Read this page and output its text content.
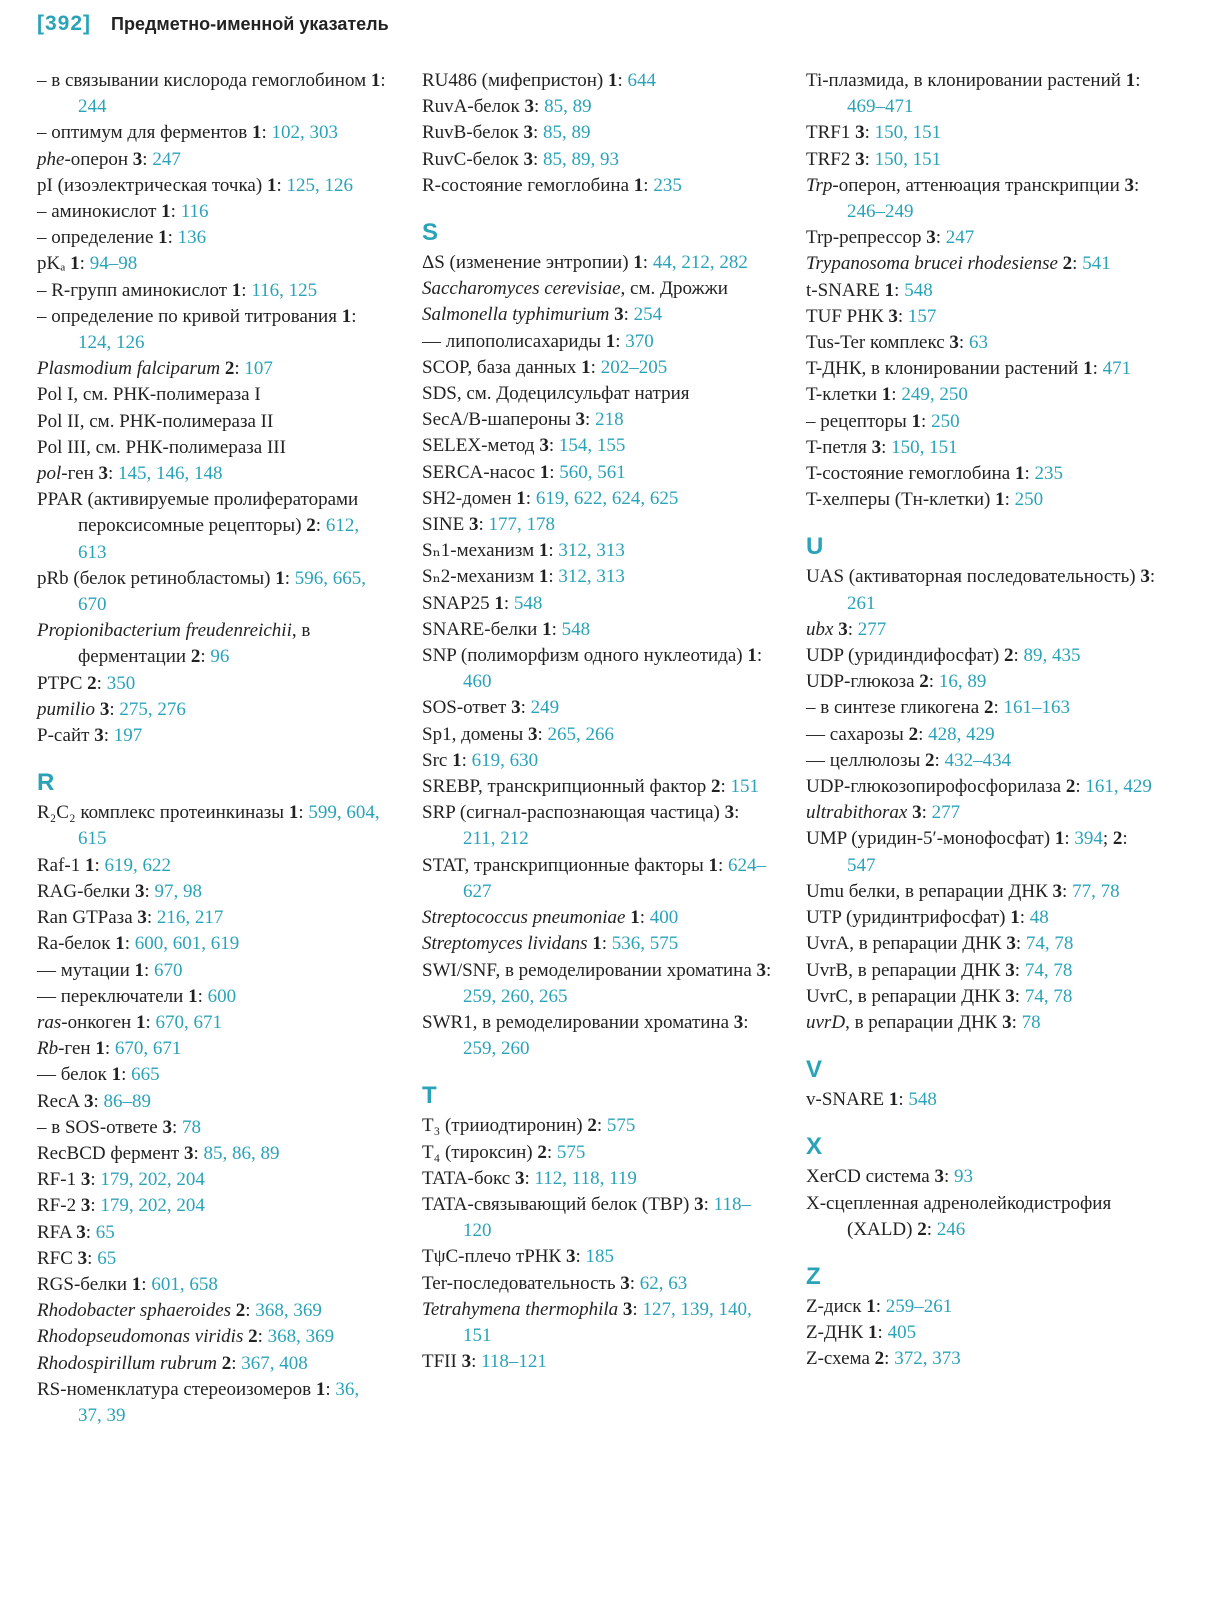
[392] Предметно-именной указатель
– в связывании кислорода гемоглобином 1: 244
– оптимум для ферментов 1: 102, 303
phe-оперон 3: 247
pI (изоэлектрическая точка) 1: 125, 126
– аминокислот 1: 116
– определение 1: 136
pKₐ 1: 94–98
– R-групп аминокислот 1: 116, 125
– определение по кривой титрования 1: 124, 126
Plasmodium falciparum 2: 107
Pol I, см. РНК-полимераза I
Pol II, см. РНК-полимераза II
Pol III, см. РНК-полимераза III
pol-ген 3: 145, 146, 148
PPAR (активируемые пролифераторами пероксисомные рецепторы) 2: 612, 613
pRb (белок ретинобластомы) 1: 596, 665, 670
Propionibacterium freudenreichii, в ферментации 2: 96
PTPC 2: 350
pumilio 3: 275, 276
P-сайт 3: 197
R
R₂C₂ комплекс протеинкиназы 1: 599, 604, 615
Raf-1 1: 619, 622
RAG-белки 3: 97, 98
Ran GTPаза 3: 216, 217
Ra-белок 1: 600, 601, 619
–– мутации 1: 670
–– переключатели 1: 600
ras-онкоген 1: 670, 671
Rb-ген 1: 670, 671
–– белок 1: 665
RecA 3: 86–89
– в SOS-ответе 3: 78
RecBCD фермент 3: 85, 86, 89
RF-1 3: 179, 202, 204
RF-2 3: 179, 202, 204
RFA 3: 65
RFC 3: 65
RGS-белки 1: 601, 658
Rhodobacter sphaeroides 2: 368, 369
Rhodopseudomonas viridis 2: 368, 369
Rhodospirillum rubrum 2: 367, 408
RS-номенклатура стереоизомеров 1: 36, 37, 39
RU486 (мифепристон) 1: 644
RuvA-белок 3: 85, 89
RuvB-белок 3: 85, 89
RuvC-белок 3: 85, 89, 93
R-состояние гемоглобина 1: 235
S
ΔS (изменение энтропии) 1: 44, 212, 282
Saccharomyces cerevisiae, см. Дрожжи
Salmonella typhimurium 3: 254
–– липополисахариды 1: 370
SCOP, база данных 1: 202–205
SDS, см. Додецилсульфат натрия
SecA/B-шапероны 3: 218
SELEX-метод 3: 154, 155
SERCA-насос 1: 560, 561
SH2-домен 1: 619, 622, 624, 625
SINE 3: 177, 178
Sₙ1-механизм 1: 312, 313
Sₙ2-механизм 1: 312, 313
SNAP25 1: 548
SNARE-белки 1: 548
SNP (полиморфизм одного нуклеотида) 1: 460
SOS-ответ 3: 249
Sp1, домены 3: 265, 266
Src 1: 619, 630
SREBP, транскрипционный фактор 2: 151
SRP (сигнал-распознающая частица) 3: 211, 212
STAT, транскрипционные факторы 1: 624–627
Streptococcus pneumoniae 1: 400
Streptomyces lividans 1: 536, 575
SWI/SNF, в ремоделировании хроматина 3: 259, 260, 265
SWR1, в ремоделировании хроматина 3: 259, 260
T
T₃ (трииодтиронин) 2: 575
T₄ (тироксин) 2: 575
TATA-бокс 3: 112, 118, 119
TATA-связывающий белок (TBP) 3: 118–120
TψC-плечо тРНК 3: 185
Ter-последовательность 3: 62, 63
Tetrahymena thermophila 3: 127, 139, 140, 151
TFII 3: 118–121
Ti-плазмида, в клонировании растений 1: 469–471
TRF1 3: 150, 151
TRF2 3: 150, 151
Trp-оперон, аттенюация транскрипции 3: 246–249
Trp-репрессор 3: 247
Trypanosoma brucei rhodesiense 2: 541
t-SNARE 1: 548
TUF РНК 3: 157
Tus-Ter комплекс 3: 63
T-ДНК, в клонировании растений 1: 471
T-клетки 1: 249, 250
– рецепторы 1: 250
T-петля 3: 150, 151
T-состояние гемоглобина 1: 235
T-хелперы (Tн-клетки) 1: 250
U
UAS (активаторная последовательность) 3: 261
ubx 3: 277
UDP (уридиндифосфат) 2: 89, 435
UDP-глюкоза 2: 16, 89
– в синтезе гликогена 2: 161–163
–– сахарозы 2: 428, 429
–– целлюлозы 2: 432–434
UDP-глюкозопирофосфорилаза 2: 161, 429
ultrabithorax 3: 277
UMP (уридин-5′-монофосфат) 1: 394; 2: 547
Umu белки, в репарации ДНК 3: 77, 78
UTP (уридинтрифосфат) 1: 48
UvrA, в репарации ДНК 3: 74, 78
UvrB, в репарации ДНК 3: 74, 78
UvrC, в репарации ДНК 3: 74, 78
uvrD, в репарации ДНК 3: 78
V
v-SNARE 1: 548
X
XerCD система 3: 93
X-сцепленная адренолейкодистрофия (XALD) 2: 246
Z
Z-диск 1: 259–261
Z-ДНК 1: 405
Z-схема 2: 372, 373
